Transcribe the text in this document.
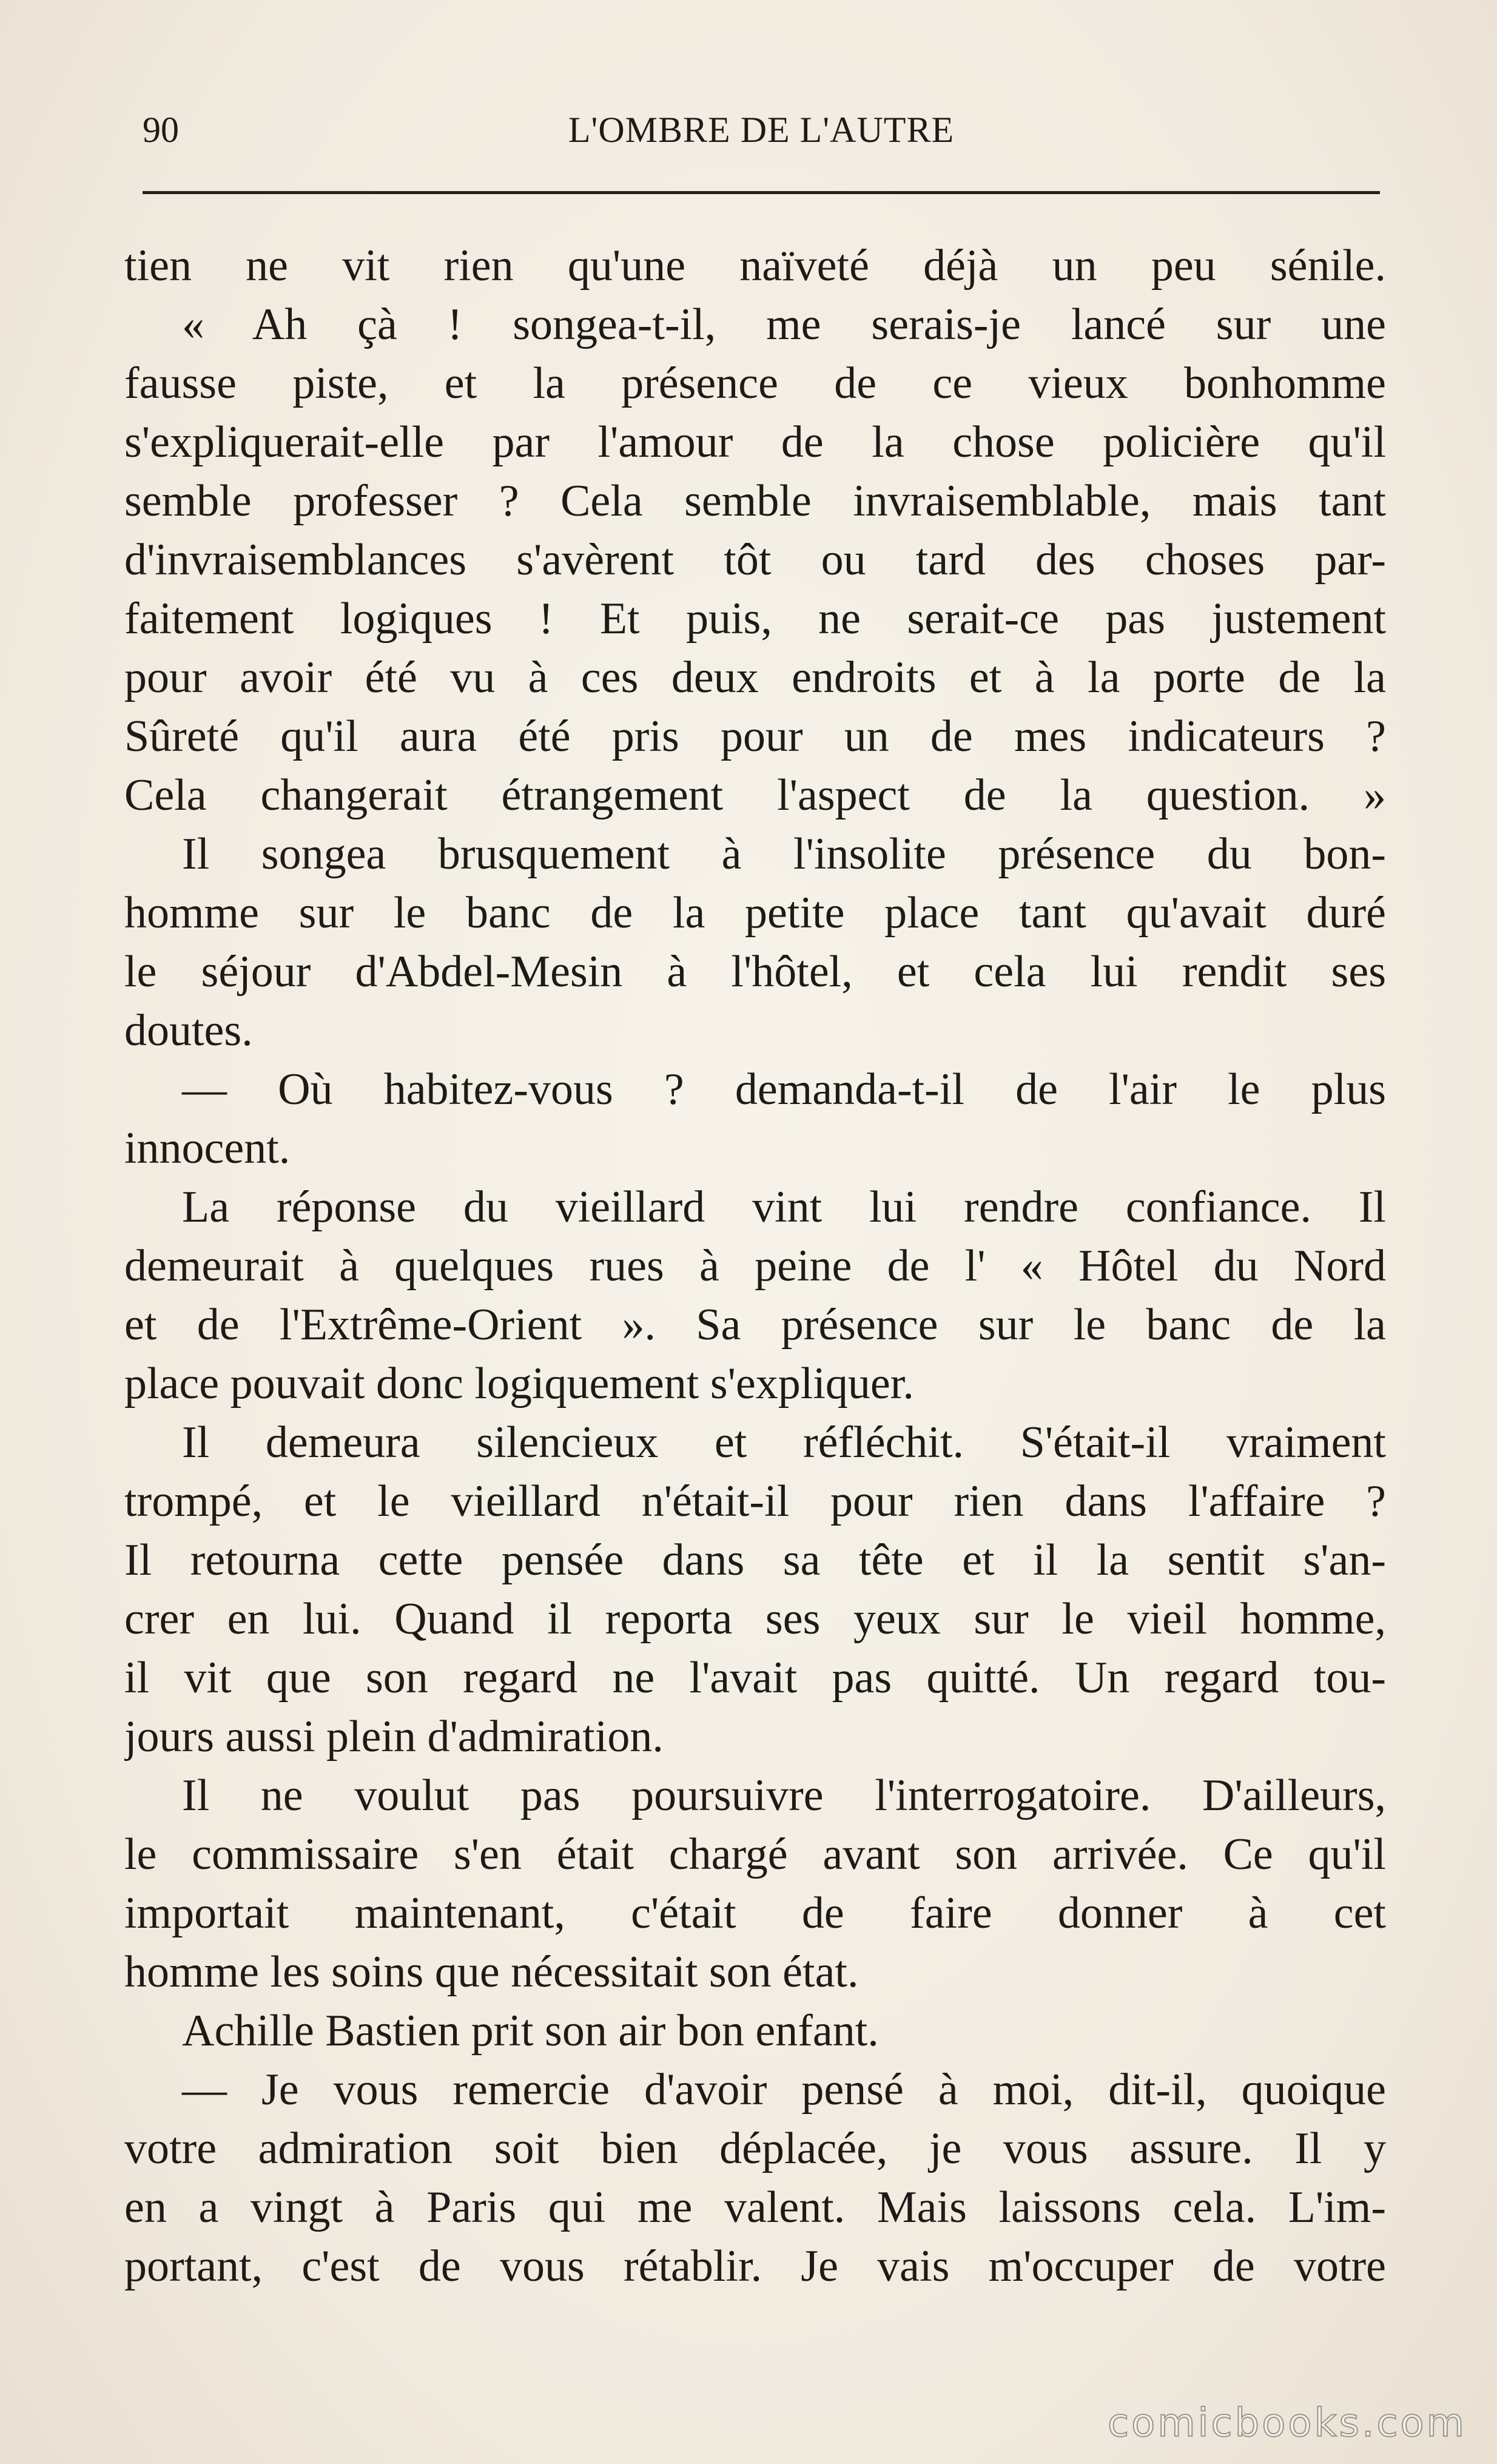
90	L'OMBRE DE L'AUTRE
tien ne vit rien qu'une naïveté déjà un peu sénile.
« Ah çà ! songea-t-il, me serais-je lancé sur une
fausse piste, et la présence de ce vieux bonhomme
s'expliquerait-elle par l'amour de la chose policière qu'il
semble professer ? Cela semble invraisemblable, mais tant
d'invraisemblances s'avèrent tôt ou tard des choses par-
faitement logiques ! Et puis, ne serait-ce pas justement
pour avoir été vu à ces deux endroits et à la porte de la
Sûreté qu'il aura été pris pour un de mes indicateurs ?
Cela changerait étrangement l'aspect de la question. »
Il songea brusquement à l'insolite présence du bon-
homme sur le banc de la petite place tant qu'avait duré
le séjour d'Abdel-Mesin à l'hôtel, et cela lui rendit ses
doutes.
— Où habitez-vous ? demanda-t-il de l'air le plus
innocent.
La réponse du vieillard vint lui rendre confiance. Il
demeurait à quelques rues à peine de l' « Hôtel du Nord
et de l'Extrême-Orient ». Sa présence sur le banc de la
place pouvait donc logiquement s'expliquer.
Il demeura silencieux et réfléchit. S'était-il vraiment
trompé, et le vieillard n'était-il pour rien dans l'affaire ?
Il retourna cette pensée dans sa tête et il la sentit s'an-
crer en lui. Quand il reporta ses yeux sur le vieil homme,
il vit que son regard ne l'avait pas quitté. Un regard tou-
jours aussi plein d'admiration.
Il ne voulut pas poursuivre l'interrogatoire. D'ailleurs,
le commissaire s'en était chargé avant son arrivée. Ce qu'il
importait maintenant, c'était de faire donner à cet
homme les soins que nécessitait son état.
Achille Bastien prit son air bon enfant.
— Je vous remercie d'avoir pensé à moi, dit-il, quoique
votre admiration soit bien déplacée, je vous assure. Il y
en a vingt à Paris qui me valent. Mais laissons cela. L'im-
portant, c'est de vous rétablir. Je vais m'occuper de votre
comicbooks.com
